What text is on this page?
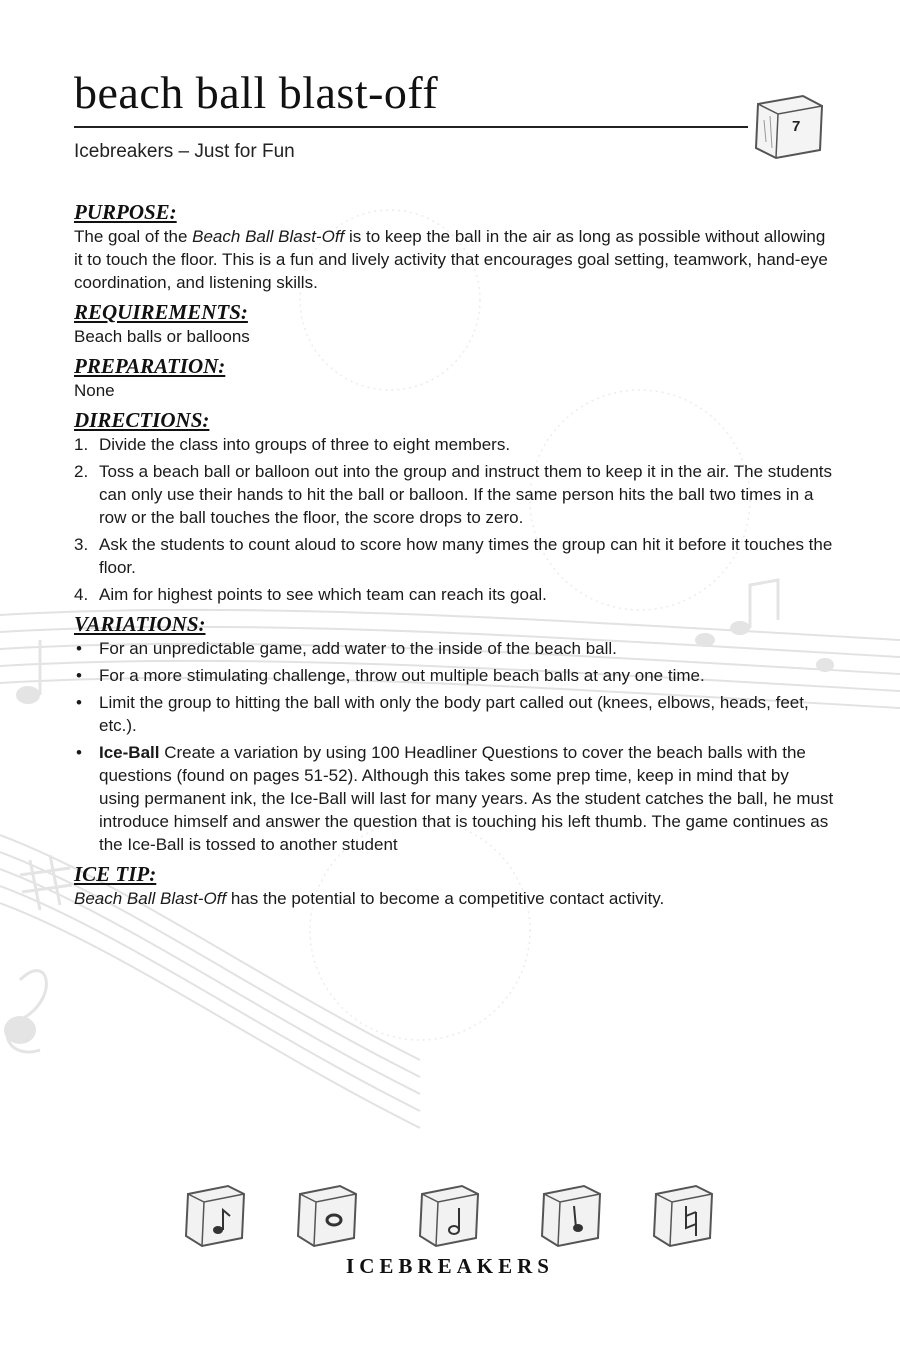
beach ball blast-off
7
Icebreakers – Just for Fun
PURPOSE:

The goal of the Beach Ball Blast-Off is to keep the ball in the air as long as possible without allowing it to touch the floor. This is a fun and lively activity that encourages goal setting, teamwork, hand-eye coordination, and listening skills.

REQUIREMENTS:

Beach balls or balloons

PREPARATION:

None

DIRECTIONS:
1. Divide the class into groups of three to eight members.
2. Toss a beach ball or balloon out into the group and instruct them to keep it in the air. The students can only use their hands to hit the ball or balloon. If the same person hits the ball two times in a row or the ball touches the floor, the score drops to zero.
3. Ask the students to count aloud to score how many times the group can hit it before it touches the floor.
4. Aim for highest points to see which team can reach its goal.
VARIATIONS:
• For an unpredictable game, add water to the inside of the beach ball.
• For a more stimulating challenge, throw out multiple beach balls at any one time.
• Limit the group to hitting the ball with only the body part called out (knees, elbows, heads, feet, etc.).
• Ice-Ball Create a variation by using 100 Headliner Questions to cover the beach balls with the questions (found on pages 51-52). Although this takes some prep time, keep in mind that by using permanent ink, the Ice-Ball will last for many years. As the student catches the ball, he must introduce himself and answer the question that is touching his left thumb. The game continues as the Ice-Ball is tossed to another student
ICE TIP:

Beach Ball Blast-Off has the potential to become a competitive contact activity.

ICEBREAKERS
